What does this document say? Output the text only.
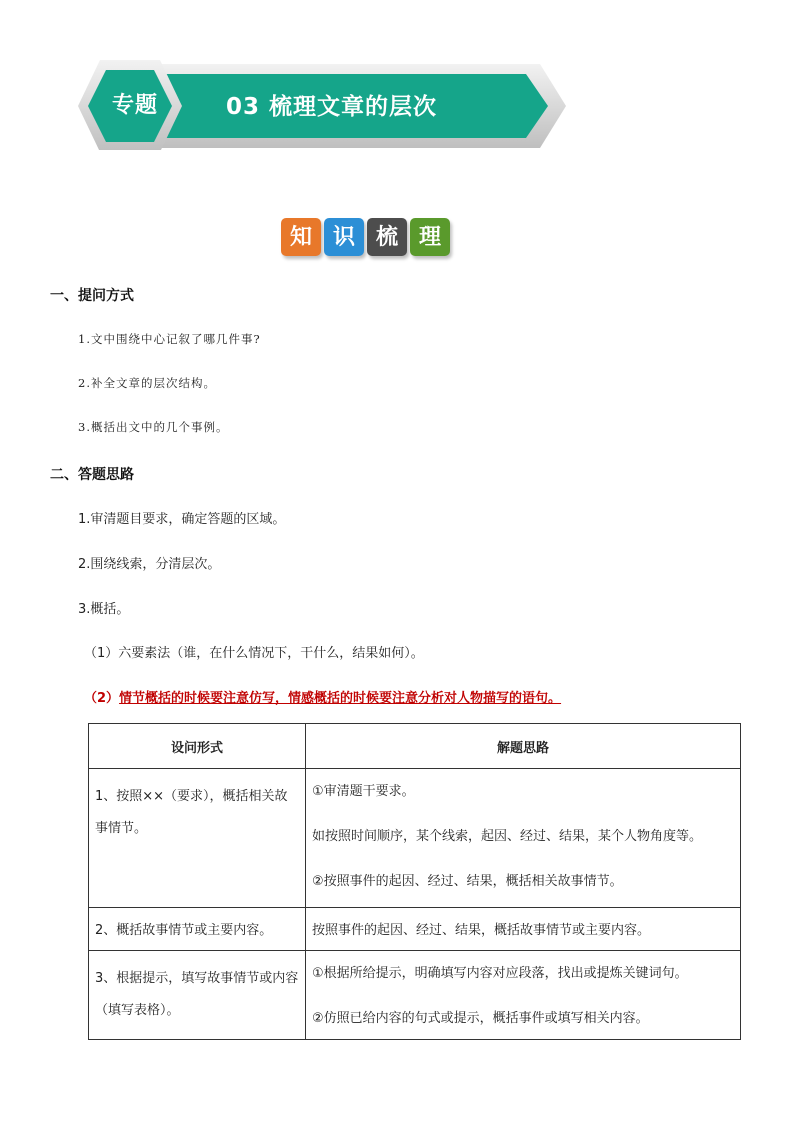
专题	03 梳理文章的层次
知 识 梳 理
一、提问方式
1.文中围绕中心记叙了哪几件事?
2.补全文章的层次结构。
3.概括出文中的几个事例。
二、答题思路
1.审清题目要求，确定答题的区域。
2.围绕线索，分清层次。
3.概括。
（1）六要素法（谁，在什么情况下，干什么，结果如何）。
（2）情节概括的时候要注意仿写，情感概括的时候要注意分析对人物描写的语句。
设问形式	解题思路
1、按照××（要求），概括相关故事情节。	①审清题干要求。

如按照时间顺序，某个线索，起因、经过、结果，某个人物角度等。

②按照事件的起因、经过、结果，概括相关故事情节。

2、概括故事情节或主要内容。	按照事件的起因、经过、结果，概括故事情节或主要内容。

3、根据提示，填写故事情节或内容（填写表格）。	①根据所给提示，明确填写内容对应段落，找出或提炼关键词句。

②仿照已给内容的句式或提示，概括事件或填写相关内容。
